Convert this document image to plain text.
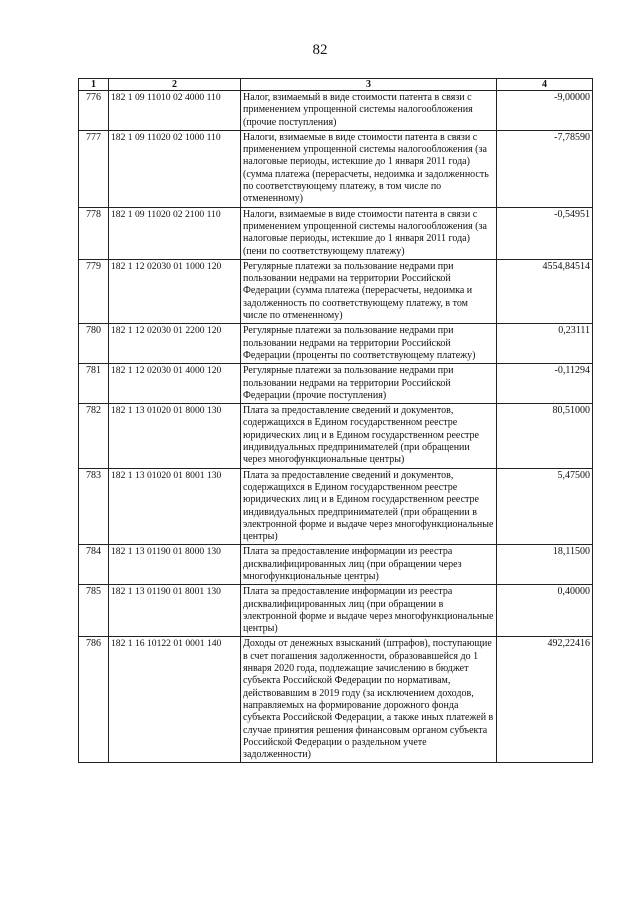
82
1	2	3	4
776	182 1 09 11010 02 4000 110	Налог, взимаемый в виде стоимости патента в связи с применением упрощенной системы налогообложения (прочие поступления)	-9,00000
777	182 1 09 11020 02 1000 110	Налоги, взимаемые в виде стоимости патента в связи с применением упрощенной системы налогообложения (за налоговые периоды, истекшие до 1 января 2011 года) (сумма платежа (перерасчеты, недоимка и задолженность по соответствующему платежу, в том числе по отмененному)	-7,78590
778	182 1 09 11020 02 2100 110	Налоги, взимаемые в виде стоимости патента в связи с применением упрощенной системы налогообложения (за налоговые периоды, истекшие до 1 января 2011 года) (пени по соответствующему платежу)	-0,54951
779	182 1 12 02030 01 1000 120	Регулярные платежи за пользование недрами при пользовании недрами на территории Российской Федерации (сумма платежа (перерасчеты, недоимка и задолженность по соответствующему платежу, в том числе по отмененному)	4554,84514
780	182 1 12 02030 01 2200 120	Регулярные платежи за пользование недрами при пользовании недрами на территории Российской Федерации (проценты по соответствующему платежу)	0,23111
781	182 1 12 02030 01 4000 120	Регулярные платежи за пользование недрами при пользовании недрами на территории Российской Федерации (прочие поступления)	-0,11294
782	182 1 13 01020 01 8000 130	Плата за предоставление сведений и документов, содержащихся в Едином государственном реестре юридических лиц и в Едином государственном реестре индивидуальных предпринимателей (при обращении через многофункциональные центры)	80,51000
783	182 1 13 01020 01 8001 130	Плата за предоставление сведений и документов, содержащихся в Едином государственном реестре юридических лиц и в Едином государственном реестре индивидуальных предпринимателей (при обращении в электронной форме и выдаче через многофункциональные центры)	5,47500
784	182 1 13 01190 01 8000 130	Плата за предоставление информации из реестра дисквалифицированных лиц (при обращении через многофункциональные центры)	18,11500
785	182 1 13 01190 01 8001 130	Плата за предоставление информации из реестра дисквалифицированных лиц (при обращении в электронной форме и выдаче через многофункциональные центры)	0,40000
786	182 1 16 10122 01 0001 140	Доходы от денежных взысканий (штрафов), поступающие в счет погашения задолженности, образовавшейся до 1 января 2020 года, подлежащие зачислению в бюджет субъекта Российской Федерации по нормативам, действовавшим в 2019 году (за исключением доходов, направляемых на формирование дорожного фонда субъекта Российской Федерации, а также иных платежей в случае принятия решения финансовым органом субъекта Российской Федерации о раздельном учете задолженности)	492,22416
